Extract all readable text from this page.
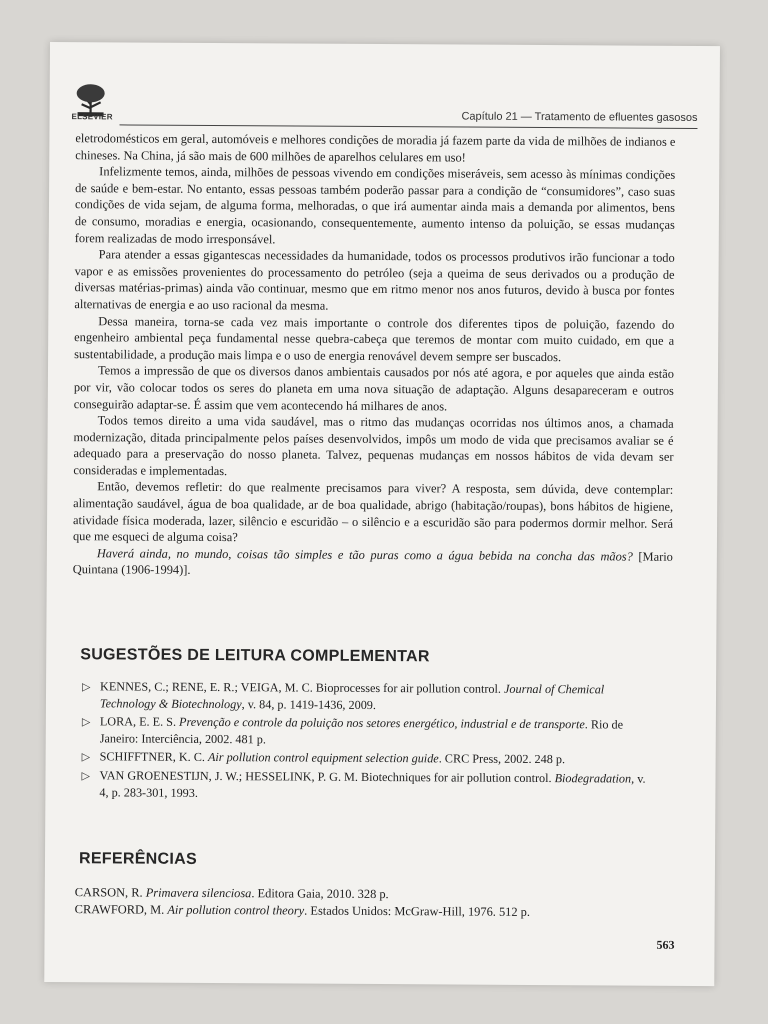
ELSEVIER	Capítulo 21 — Tratamento de efluentes gasosos

eletrodomésticos em geral, automóveis e melhores condições de moradia já fazem parte da vida de milhões de indianos e chineses. Na China, já são mais de 600 milhões de aparelhos celulares em uso!

Infelizmente temos, ainda, milhões de pessoas vivendo em condições miseráveis, sem acesso às mínimas condições de saúde e bem-estar. No entanto, essas pessoas também poderão passar para a condição de “consumidores”, caso suas condições de vida sejam, de alguma forma, melhoradas, o que irá aumentar ainda mais a demanda por alimentos, bens de consumo, moradias e energia, ocasionando, consequentemente, aumento intenso da poluição, se essas mudanças forem realizadas de modo irresponsável.

Para atender a essas gigantescas necessidades da humanidade, todos os processos produtivos irão funcionar a todo vapor e as emissões provenientes do processamento do petróleo (seja a queima de seus derivados ou a produção de diversas matérias-primas) ainda vão continuar, mesmo que em ritmo menor nos anos futuros, devido à busca por fontes alternativas de energia e ao uso racional da mesma.

Dessa maneira, torna-se cada vez mais importante o controle dos diferentes tipos de poluição, fazendo do engenheiro ambiental peça fundamental nesse quebra-cabeça que teremos de montar com muito cuidado, em que a sustentabilidade, a produção mais limpa e o uso de energia renovável devem sempre ser buscados.

Temos a impressão de que os diversos danos ambientais causados por nós até agora, e por aqueles que ainda estão por vir, vão colocar todos os seres do planeta em uma nova situação de adaptação. Alguns desapareceram e outros conseguirão adaptar-se. É assim que vem acontecendo há milhares de anos.

Todos temos direito a uma vida saudável, mas o ritmo das mudanças ocorridas nos últimos anos, a chamada modernização, ditada principalmente pelos países desenvolvidos, impôs um modo de vida que precisamos avaliar se é adequado para a preservação do nosso planeta. Talvez, pequenas mudanças em nossos hábitos de vida devam ser consideradas e implementadas.

Então, devemos refletir: do que realmente precisamos para viver? A resposta, sem dúvida, deve contemplar: alimentação saudável, água de boa qualidade, ar de boa qualidade, abrigo (habitação/roupas), bons hábitos de higiene, atividade física moderada, lazer, silêncio e escuridão – o silêncio e a escuridão são para podermos dormir melhor. Será que me esqueci de alguma coisa?

Haverá ainda, no mundo, coisas tão simples e tão puras como a água bebida na concha das mãos? [Mario Quintana (1906-1994)].

SUGESTÕES DE LEITURA COMPLEMENTAR
▷ KENNES, C.; RENE, E. R.; VEIGA, M. C. Bioprocesses for air pollution control. Journal of Chemical Technology & Biotechnology, v. 84, p. 1419-1436, 2009.
▷ LORA, E. E. S. Prevenção e controle da poluição nos setores energético, industrial e de transporte. Rio de Janeiro: Interciência, 2002. 481 p.
▷ SCHIFFTNER, K. C. Air pollution control equipment selection guide. CRC Press, 2002. 248 p.
▷ VAN GROENESTIJN, J. W.; HESSELINK, P. G. M. Biotechniques for air pollution control. Biodegradation, v. 4, p. 283-301, 1993.
REFERÊNCIAS
CARSON, R. Primavera silenciosa. Editora Gaia, 2010. 328 p.
CRAWFORD, M. Air pollution control theory. Estados Unidos: McGraw-Hill, 1976. 512 p.
563
